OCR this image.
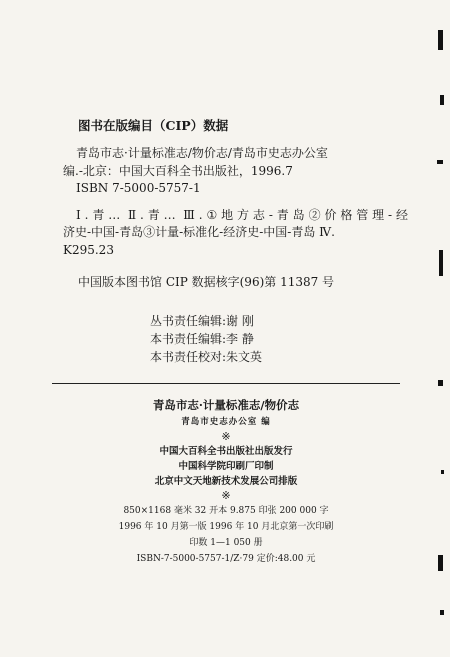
图书在版编目（CIP）数据
青岛市志·计量标准志/物价志/青岛市史志办公室
编.-北京：中国大百科全书出版社，1996.7
ISBN 7-5000-5757-1
Ⅰ.青… Ⅱ.青… Ⅲ.①地方志-青岛②价格管理-经
济史-中国-青岛③计量-标准化-经济史-中国-青岛 Ⅳ.
K295.23
中国版本图书馆 CIP 数据核字(96)第 11387 号
丛书责任编辑:谢 刚
本书责任编辑:李 静
本书责任校对:朱文英
青岛市志·计量标准志/物价志
青岛市史志办公室 编
※
中国大百科全书出版社出版发行
中国科学院印刷厂印制
北京中文天地新技术发展公司排版
※
850×1168 毫米 32 开本 9.875 印张 200 000 字
1996 年 10 月第一版 1996 年 10 月北京第一次印刷
印数 1—1 050 册
ISBN-7-5000-5757-1/Z·79 定价:48.00 元
